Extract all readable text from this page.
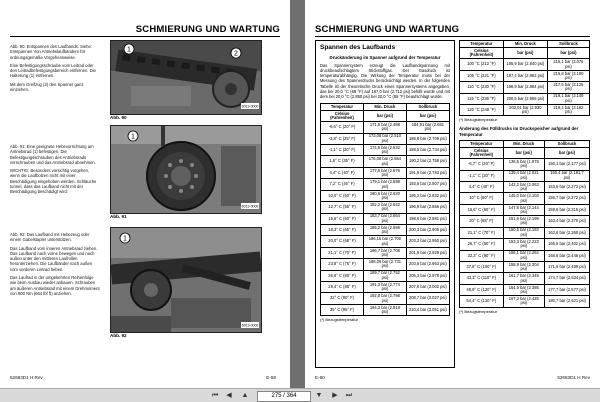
SCHMIERUNG UND WARTUNG
Abb. 90: Entspannen des Laufbands. Siehe: Entspannen Von Antriebslaufbändern für ordnungsgemäße Vorgehensweise.
Eine Befestigungsschraube vom Leitrad oder den Leitradbefestigungsbereich entfernen. Die Halterung (1) entfernen.
Mit dem Greifzug (2) den Spanner ganz einziehen.
Abb. 91: Eine geeignete Hebevorrichtung am Antriebsrad (1) befestigen. Die Befestigungsschrauben des Antriebsrads verschrauben und das Antriebsrad abnehmen.
WICHTIG: Besonders vorsichtig vorgehen, wenn die Laufbolzen nicht mit einer Beschädigung eingehoben werden. Schläuche tunnel, dass das Laufband nicht mit der Beschädigung beschädigt wird.
Abb. 92: Das Laufband mit Hebezeug oder einem Gabelstapler unterstützen.
Das Laufband vom inneren Antriebsrad ziehen. Das Laufband nach vorne bewegen und nach außen unter den mittleren Laufrollen herunterziehen. Die Laufbänder nach außen vom vorderen Leitrad heben.
Das Laufrad in der umgekehrten Reihenfolge wie beim Ausbau wieder anbauen. Schrauben am äußeren Antriebsrad mit einem Drehmoment von 900 Nm (664 lbf ft) anziehen.
1
2
6013-0000
Abb. 90
1
6013-0000
Abb. 91
1
6013-0000
Abb. 92
52683D1 H Rev	E-59
SCHMIERUNG UND WARTUNG
Spannen des Laufbands
Druckänderung im Spanner aufgrund der Temperatur
Das Spannersystem erzeugt die Laufbandspannung mit druckbeaufschlagtem Stickstoffgas. Der Gasdruck ist temperaturabhängig. Die Wirkung der Temperatur muss bei der Messung des Spannerdrucks berücksichtigt werden. In der folgenden Tabelle ist der theoretische Druck eines Spannersystems angegeben, das bei 20,0 °C (68 °F) auf 187,0 bar (2.712 psi) befüllt wurde und mit dem bei 20,0 °C (2.850 psi) bei 20,0 °C (68 °F) beaufschlagt wurde.
Temperatur	Min. Druck	Sollbruck
Celsius (Fahrenheit)	bar (psi)	bar (psi)
-6,6° C (20° F)	171,5 bar (2.488 psi)	184,91 bar (2.681 psi)
-3,8° C (25° F)	173,08 bar (2.510 psi)	186,8 bar (2.709 psi)
-1,1° C (30° F)	174,6 bar (2.532 psi)	188,5 bar (2.734 psi)
1,6° C (35° F)	176,08 bar (2.554 psi)	190,2 bar (2.758 psi)
4,4° C (40° F)	177,6 bar (2.576 psi)	191,9 bar (2.783 psi)
7,2° C (45° F)	179,1 bar (2.598 psi)	193,6 bar (2.807 psi)
10,0° C (50° F)	180,6 bar (2.620 psi)	195,2 bar (2.832 psi)
12,7° C (55° F)	182,2 bar (2.642 psi)	196,9 bar (2.856 psi)
15,6° C (60° F)	183,7 bar (2.664 psi)	198,6 bar (2.881 psi)
18,3° C (65° F)	185,2 bar (2.686 psi)	200,3 bar (2.905 psi)
20,0° C (68° F)	186,15 bar (2.700 psi)	203,3 bar (2.950 psi)
21,1° C (70° F)	186,7 bar (2.708 psi)	201,9 bar (2.929 psi)
23,8° C (75° F)	188,26 bar (2.731 psi)	203,6 bar (2.953 psi)
26,6° C (80° F)	189,7 bar (2.752 psi)	205,3 bar (2.978 psi)
29,4° C (85° F)	191,3 bar (2.774 psi)	207,0 bar (3.002 psi)
32° C (90° F)	192,8 bar (2.796 psi)	208,7 bar (3.027 psi)
35° C (95° F)	194,3 bar (2.818 psi)	210,4 bar (3.051 psi)
(*) Bezugstemperatur
Temperatur	Min. Druck	Sollbruck
Celsius (Fahrenheit)	bar (psi)	bar (psi)
100 °C (212 °F)	195,9 bar (2.840 psi)	215,1 bar (3.076 psi)
105 °C (221 °F)	197,4 bar (2.862 psi)	215,8 bar (3.100 psi)
110 °C (230 °F)	198,9 bar (2.884 psi)	217,5 bar (3.125 psi)
115 °C (239 °F)	200,5 bar (2.906 psi)	219,1 bar (3.149 psi)
120 °C (248 °F)	202,01 bar (2.930 psi)	219,4 bar (3.182 psi)
(*) Bezugstemperatur
Änderung des Fülldrucks im Druckspeicher aufgrund der Temperatur
Temperatur	Min. Druck	Sollbruck
Celsius (Fahrenheit)	bar (psi)	bar (psi)
-6,7° C (20° F)	136,5 bar (1.978 psi)	150,1 bar (2.177 psi)
-1,1° C (30° F)	139,4 bar (2.021 psi)	150,4 bar (2.181,7 psi)
4,4° C (40° F)	142,2 bar (2.063 psi)	153,6 bar (2.273 psi)
10° C (50° F)	145,0 bar (2.103 psi)	156,7 bar (2.272 psi)
15,6° C (60° F)	147,8 bar (2.144 psi)	159,6 bar (2.315 psi)
20° C (68° F)	151,6 bar (2.199 psi)	163,4 bar (2.370 psi)
21,1° C (70° F)	150,5 bar (2.183 psi)	162,6 bar (2.360 psi)
26,7° C (80° F)	153,3 bar (2.223 psi)	165,6 bar (2.402 psi)
32,2° C (90° F)	156,1 bar (2.264 psi)	168,6 bar (2.446 psi)
37,8° C (100° F)	158,9 bar (2.304 psi)	171,6 bar (2.489 psi)
43,3° C (110° F)	161,7 bar (2.345 psi)	174,7 bar (2.534 psi)
48,9° C (120° F)	164,5 bar (2.385 psi)	177,7 bar (2.577 psi)
54,4° C (130° F)	167,3 bar (2.426 psi)	180,7 bar (2.621 psi)
(*) Bezugstemperatur
E-60	52683D1 H Rev
⏮	◀	▲	275 / 364	▼	▶	⏭
